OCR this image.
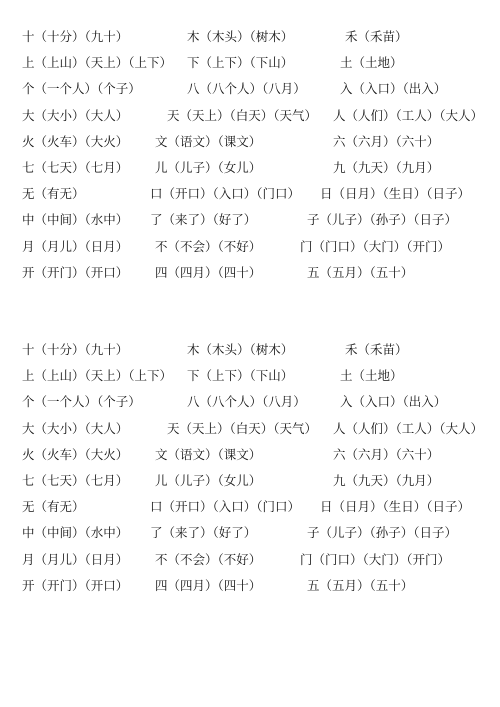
十（十分）（九十）	木（木头）（树木）	禾（禾苗）
上（上山）（天上）（上下） 下（上下）（下山）	土（土地）
个（一个人）（个子）	八（八个人）（八月）	入（入口）（出入）
大（大小）（大人）	天（天上）（白天）（天气） 人（人们）（工人）（大人）
火（火车）（大火） 文（语文）（课文）	六（六月）（六十）
七（七天）（七月） 儿（儿子）（女儿）	九（九天）（九月）
无（有无）	口（开口）（入口）（门口） 日（日月）（生日）（日子）
中（中间）（水中） 了（来了）（好了）	子（儿子）（孙子）（日子）
月（月儿）（日月） 不（不会）（不好）	门（门口）（大门）（开门）
开（开门）（开口） 四（四月）（四十）	五（五月）（五十）
十（十分）（九十）	木（木头）（树木）	禾（禾苗）
上（上山）（天上）（上下） 下（上下）（下山）	土（土地）
个（一个人）（个子）	八（八个人）（八月）	入（入口）（出入）
大（大小）（大人）	天（天上）（白天）（天气） 人（人们）（工人）（大人）
火（火车）（大火） 文（语文）（课文）	六（六月）（六十）
七（七天）（七月） 儿（儿子）（女儿）	九（九天）（九月）
无（有无）	口（开口）（入口）（门口） 日（日月）（生日）（日子）
中（中间）（水中） 了（来了）（好了）	子（儿子）（孙子）（日子）
月（月儿）（日月） 不（不会）（不好）	门（门口）（大门）（开门）
开（开门）（开口） 四（四月）（四十）	五（五月）（五十）
